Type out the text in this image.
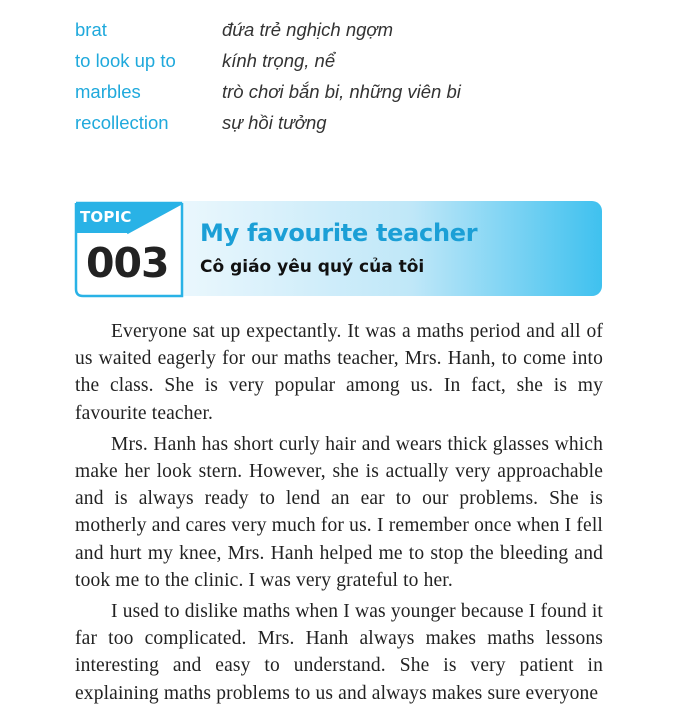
brat	đứa trẻ nghịch ngợm
to look up to	kính trọng, nể
marbles	trò chơi bắn bi, những viên bi
recollection	sự hồi tưởng
My favourite teacher
Cô giáo yêu quý của tôi
TOPIC
003

Everyone sat up expectantly. It was a maths period and all of us waited eagerly for our maths teacher, Mrs. Hanh, to come into the class. She is very popular among us. In fact, she is my favourite teacher.

Mrs. Hanh has short curly hair and wears thick glasses which make her look stern. However, she is actually very approachable and is always ready to lend an ear to our problems. She is motherly and cares very much for us. I remember once when I fell and hurt my knee, Mrs. Hanh helped me to stop the bleeding and took me to the clinic. I was very grateful to her.

I used to dislike maths when I was younger because I found it far too complicated. Mrs. Hanh always makes maths lessons interesting and easy to understand. She is very patient in explaining maths problems to us and always makes sure everyone
